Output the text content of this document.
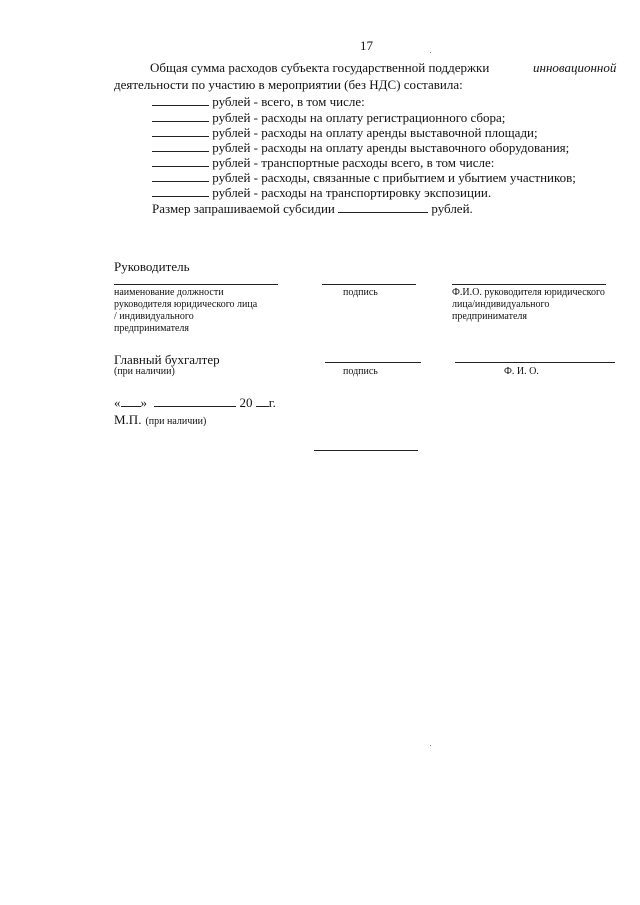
17
Общая сумма расходов субъекта государственной поддержки	инновационной
деятельности по участию в мероприятии (без НДС) составила:
рублей - всего, в том числе:
рублей - расходы на оплату регистрационного сбора;
рублей - расходы на оплату аренды выставочной площади;
рублей - расходы на оплату аренды выставочного оборудования;
рублей - транспортные расходы всего, в том числе:
рублей - расходы, связанные с прибытием и убытием участников;
рублей - расходы на транспортировку экспозиции.
Размер запрашиваемой субсидии	рублей.
Руководитель
наименование должности
руководителя юридического лица
/ индивидуального
предпринимателя
подпись	Ф.И.О. руководителя юридического
лица/индивидуального
предпринимателя
Главный бухгалтер
(при наличии)	подпись	Ф. И. О.
« »	20 г.
М.П. (при наличии)
